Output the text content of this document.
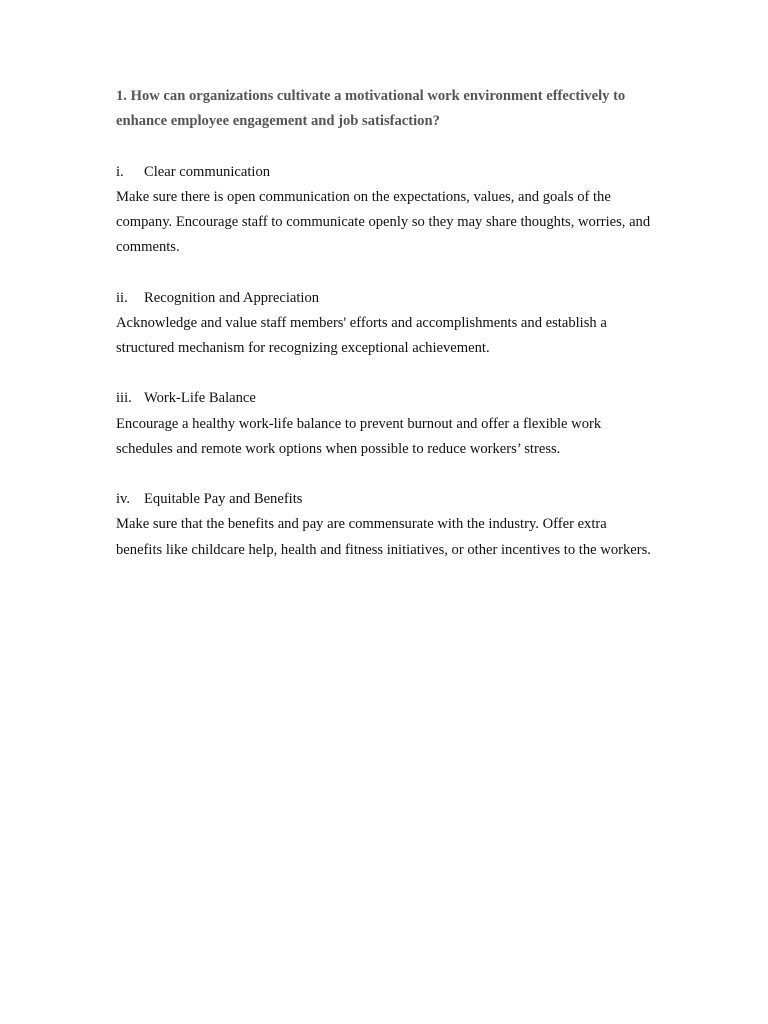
1. How can organizations cultivate a motivational work environment effectively to enhance employee engagement and job satisfaction?

i.	Clear communication

Make sure there is open communication on the expectations, values, and goals of the company. Encourage staff to communicate openly so they may share thoughts, worries, and comments.

ii.	Recognition and Appreciation

Acknowledge and value staff members' efforts and accomplishments and establish a structured mechanism for recognizing exceptional achievement.

iii. Work-Life Balance

Encourage a healthy work-life balance to prevent burnout and offer a flexible work schedules and remote work options when possible to reduce workers’ stress.

iv. Equitable Pay and Benefits

Make sure that the benefits and pay are commensurate with the industry. Offer extra benefits like childcare help, health and fitness initiatives, or other incentives to the workers.
